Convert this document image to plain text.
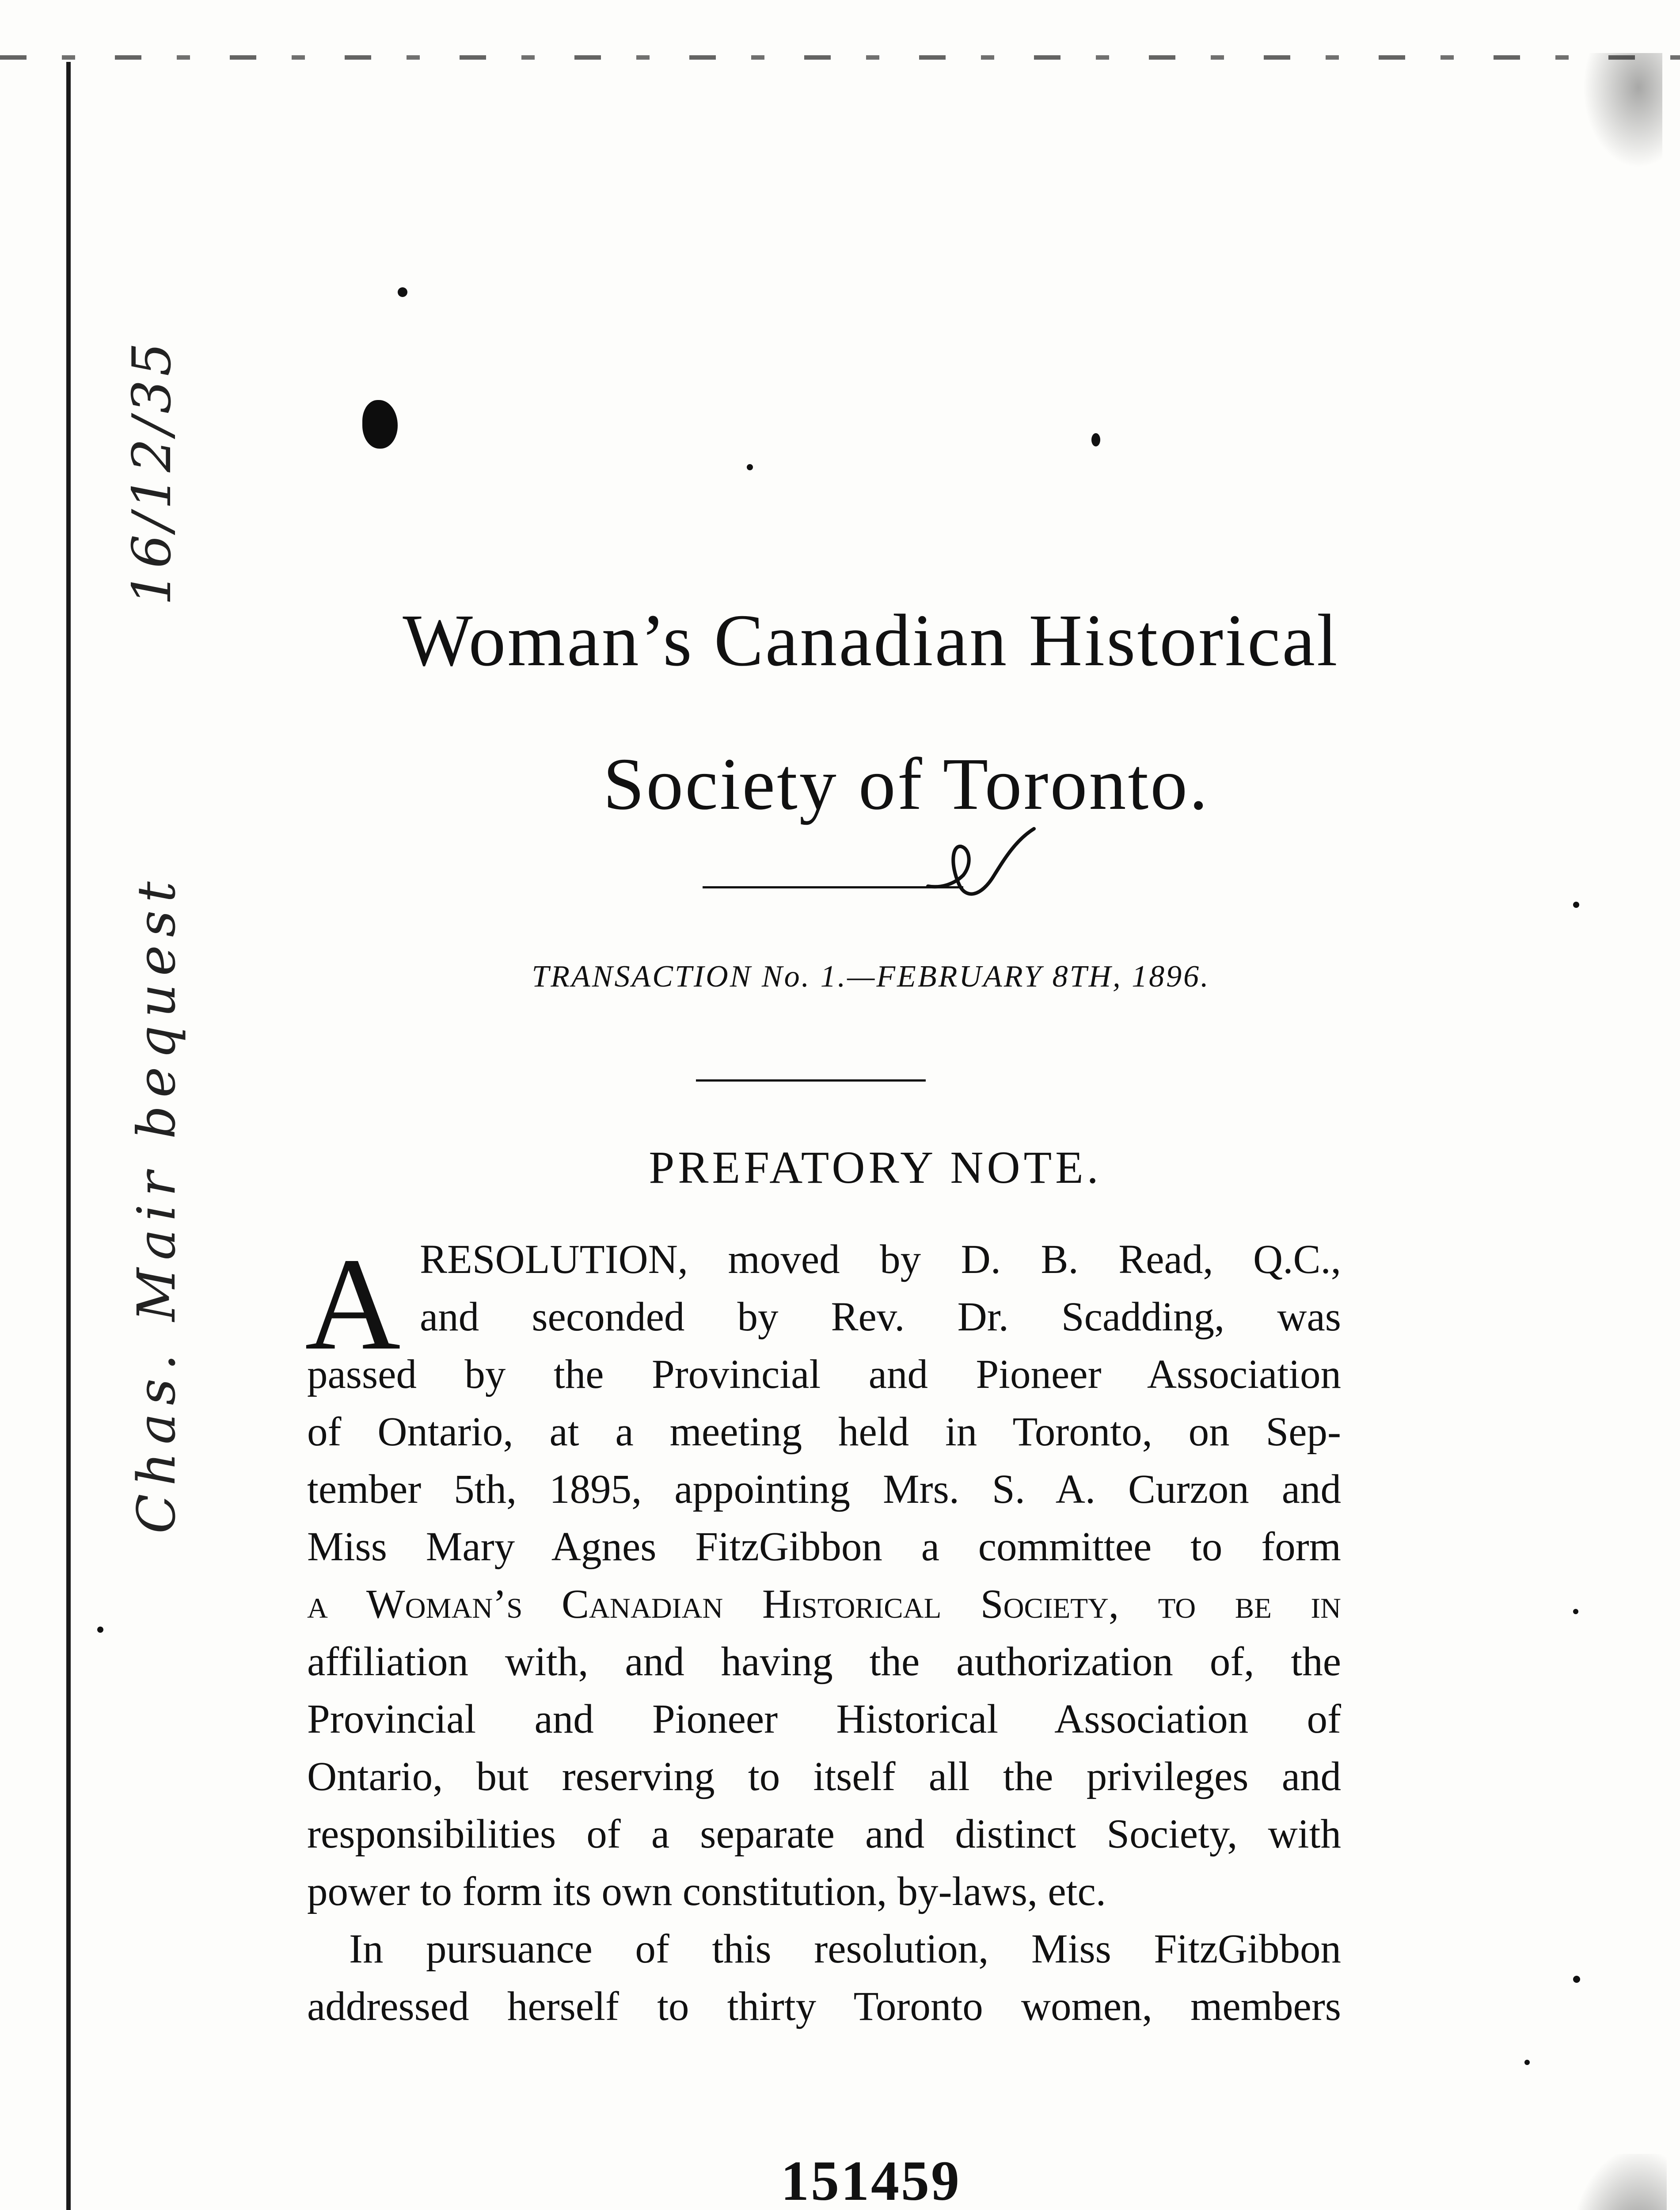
16/12/35
Chas. Mair bequest
Woman’s Canadian Historical
Society of Toronto.
TRANSACTION No. 1.—FEBRUARY 8TH, 1896.
PREFATORY NOTE.
A RESOLUTION, moved by D. B. Read, Q.C.,
and seconded by Rev. Dr. Scadding, was
passed by the Provincial and Pioneer Association
of Ontario, at a meeting held in Toronto, on Sep-
tember 5th, 1895, appointing Mrs. S. A. Curzon and
Miss Mary Agnes FitzGibbon a committee to form
a Woman’s Canadian Historical Society, to be in
affiliation with, and having the authorization of, the
Provincial and Pioneer Historical Association of
Ontario, but reserving to itself all the privileges and
responsibilities of a separate and distinct Society, with
power to form its own constitution, by-laws, etc.
In pursuance of this resolution, Miss FitzGibbon
addressed herself to thirty Toronto women, members
151459
